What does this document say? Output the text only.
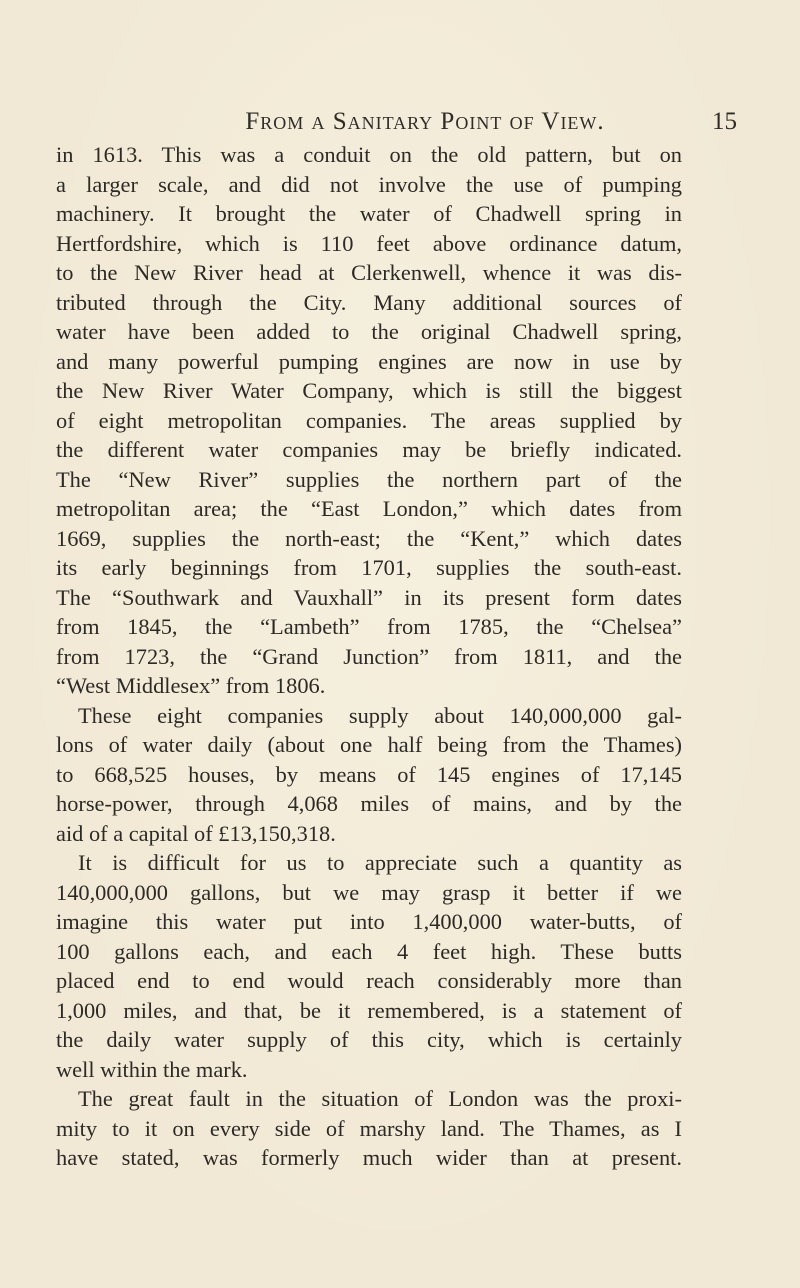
From a Sanitary Point of View.	15
in 1613. This was a conduit on the old pattern, but on
a larger scale, and did not involve the use of pumping
machinery. It brought the water of Chadwell spring in
Hertfordshire, which is 110 feet above ordinance datum,
to the New River head at Clerkenwell, whence it was dis-
tributed through the City. Many additional sources of
water have been added to the original Chadwell spring,
and many powerful pumping engines are now in use by
the New River Water Company, which is still the biggest
of eight metropolitan companies. The areas supplied by
the different water companies may be briefly indicated.
The “New River” supplies the northern part of the
metropolitan area; the “East London,” which dates from
1669, supplies the north-east; the “Kent,” which dates
its early beginnings from 1701, supplies the south-east.
The “Southwark and Vauxhall” in its present form dates
from 1845, the “Lambeth” from 1785, the “Chelsea”
from 1723, the “Grand Junction” from 1811, and the
“West Middlesex” from 1806.
These eight companies supply about 140,000,000 gal-
lons of water daily (about one half being from the Thames)
to 668,525 houses, by means of 145 engines of 17,145
horse-power, through 4,068 miles of mains, and by the
aid of a capital of £13,150,318.
It is difficult for us to appreciate such a quantity as
140,000,000 gallons, but we may grasp it better if we
imagine this water put into 1,400,000 water-butts, of
100 gallons each, and each 4 feet high. These butts
placed end to end would reach considerably more than
1,000 miles, and that, be it remembered, is a statement of
the daily water supply of this city, which is certainly
well within the mark.
The great fault in the situation of London was the proxi-
mity to it on every side of marshy land. The Thames, as I
have stated, was formerly much wider than at present.
